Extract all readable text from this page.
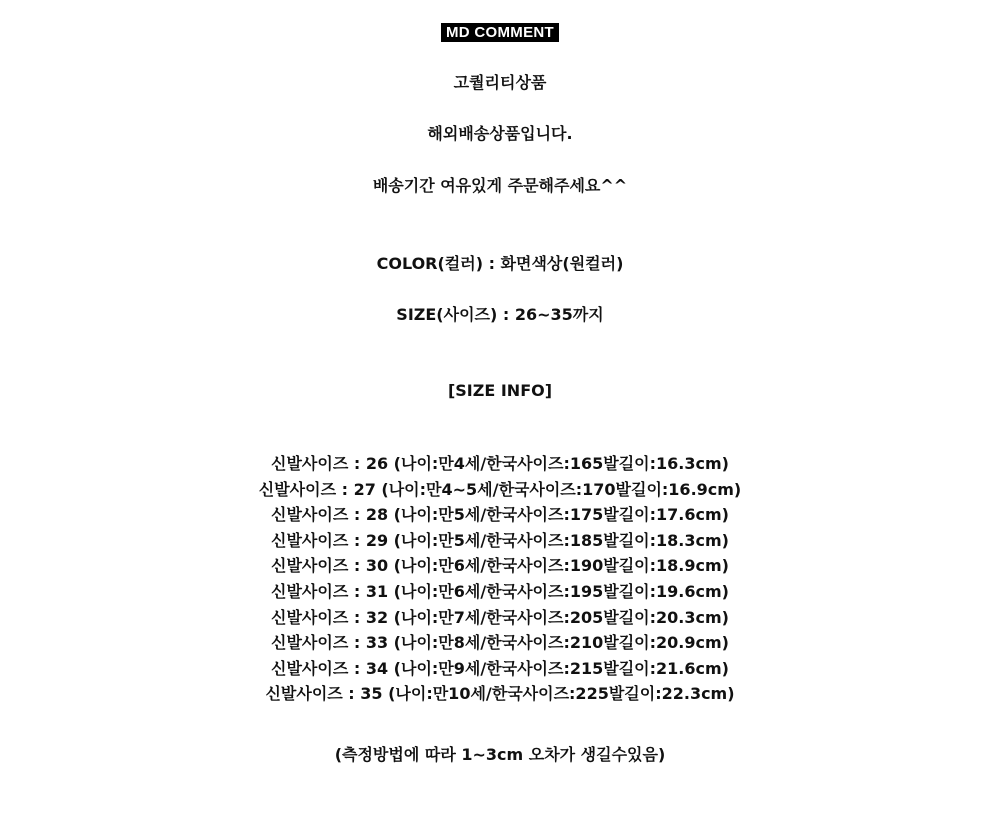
MD COMMENT
고퀄리티상품
해외배송상품입니다.
배송기간 여유있게 주문해주세요^^
COLOR(컬러) : 화면색상(원컬러)
SIZE(사이즈) : 26~35까지
[SIZE INFO]
신발사이즈 : 26 (나이:만4세/한국사이즈:165발길이:16.3cm)
신발사이즈 : 27 (나이:만4~5세/한국사이즈:170발길이:16.9cm)
신발사이즈 : 28 (나이:만5세/한국사이즈:175발길이:17.6cm)
신발사이즈 : 29 (나이:만5세/한국사이즈:185발길이:18.3cm)
신발사이즈 : 30 (나이:만6세/한국사이즈:190발길이:18.9cm)
신발사이즈 : 31 (나이:만6세/한국사이즈:195발길이:19.6cm)
신발사이즈 : 32 (나이:만7세/한국사이즈:205발길이:20.3cm)
신발사이즈 : 33 (나이:만8세/한국사이즈:210발길이:20.9cm)
신발사이즈 : 34 (나이:만9세/한국사이즈:215발길이:21.6cm)
신발사이즈 : 35 (나이:만10세/한국사이즈:225발길이:22.3cm)
(측정방법에 따라 1~3cm 오차가 생길수있음)
